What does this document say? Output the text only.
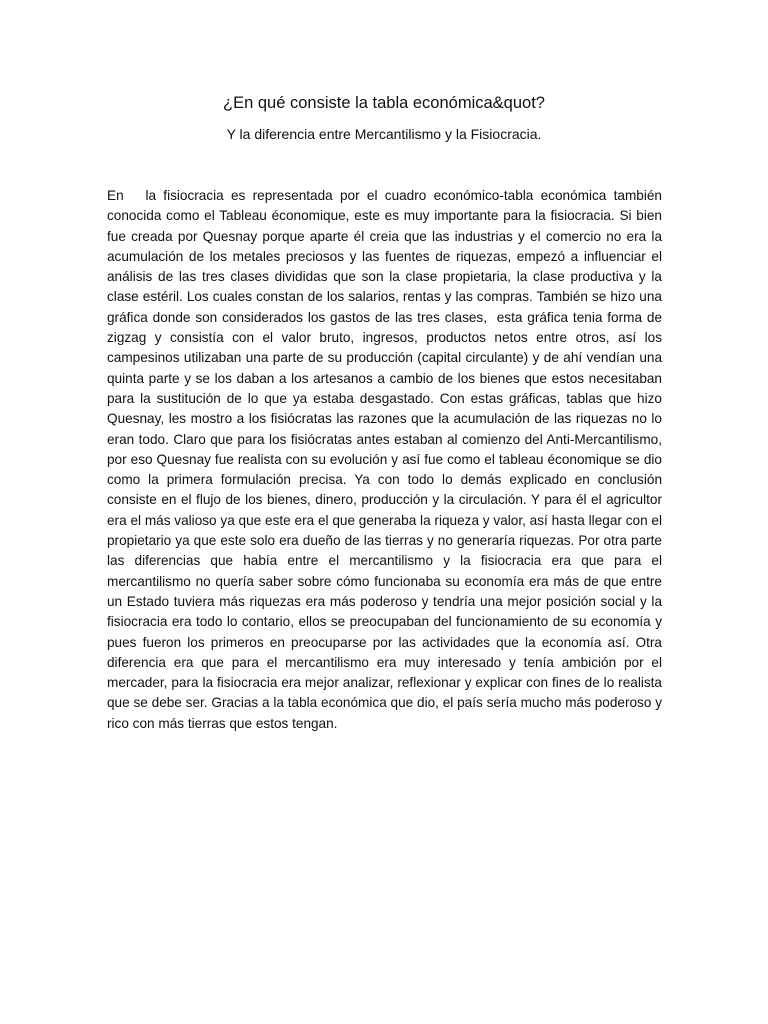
¿En qué consiste la tabla económica&quot?

Y la diferencia entre Mercantilismo y la Fisiocracia.

En   la fisiocracia es representada por el cuadro económico-tabla económica también conocida como el Tableau économique, este es muy importante para la fisiocracia. Si bien fue creada por Quesnay porque aparte él creia que las industrias y el comercio no era la acumulación de los metales preciosos y las fuentes de riquezas, empezó a influenciar el análisis de las tres clases divididas que son la clase propietaria, la clase productiva y la clase estéril. Los cuales constan de los salarios, rentas y las compras. También se hizo una gráfica donde son considerados los gastos de las tres clases,  esta gráfica tenia forma de zigzag y consistía con el valor bruto, ingresos, productos netos entre otros, así los campesinos utilizaban una parte de su producción (capital circulante) y de ahí vendían una quinta parte y se los daban a los artesanos a cambio de los bienes que estos necesitaban para la sustitución de lo que ya estaba desgastado. Con estas gráficas, tablas que hizo Quesnay, les mostro a los fisiócratas las razones que la acumulación de las riquezas no lo eran todo. Claro que para los fisiócratas antes estaban al comienzo del Anti-Mercantilismo, por eso Quesnay fue realista con su evolución y así fue como el tableau économique se dio como la primera formulación precisa. Ya con todo lo demás explicado en conclusión consiste en el flujo de los bienes, dinero, producción y la circulación. Y para él el agricultor era el más valioso ya que este era el que generaba la riqueza y valor, así hasta llegar con el propietario ya que este solo era dueño de las tierras y no generaría riquezas. Por otra parte las diferencias que había entre el mercantilismo y la fisiocracia era que para el mercantilismo no quería saber sobre cómo funcionaba su economía era más de que entre un Estado tuviera más riquezas era más poderoso y tendría una mejor posición social y la fisiocracia era todo lo contario, ellos se preocupaban del funcionamiento de su economía y pues fueron los primeros en preocuparse por las actividades que la economía así. Otra diferencia era que para el mercantilismo era muy interesado y tenía ambición por el mercader, para la fisiocracia era mejor analizar, reflexionar y explicar con fines de lo realista que se debe ser. Gracias a la tabla económica que dio, el país sería mucho más poderoso y rico con más tierras que estos tengan.
